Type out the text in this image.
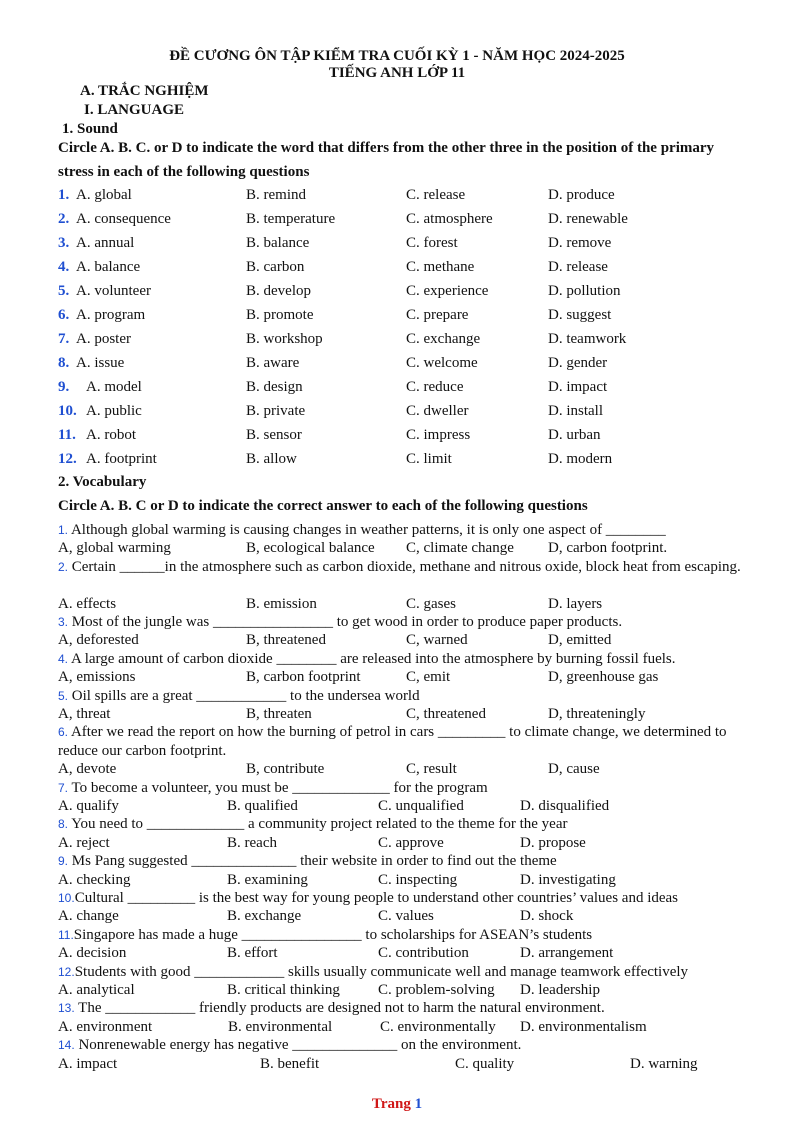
ĐỀ CƯƠNG ÔN TẬP KIỂM TRA CUỐI KỲ 1 - NĂM HỌC 2024-2025
TIẾNG ANH LỚP 11
A. TRẮC NGHIỆM
I. LANGUAGE
1. Sound
Circle A. B. C. or D to indicate the word that differs from the other three in the position of the primary stress in each of the following questions
1. A. global	B. remind	C. release	D. produce
2. A. consequence	B. temperature	C. atmosphere	D. renewable
3. A. annual	B. balance	C. forest	D. remove
4. A. balance	B. carbon	C. methane	D. release
5. A. volunteer	B. develop	C. experience	D. pollution
6. A. program	B. promote	C. prepare	D. suggest
7. A. poster	B. workshop	C. exchange	D. teamwork
8. A. issue	B. aware	C. welcome	D. gender
9. A. model	B. design	C. reduce	D. impact
10. A. public	B. private	C. dweller	D. install
11. A. robot	B. sensor	C. impress	D. urban
12. A. footprint	B. allow	C. limit	D. modern
2. Vocabulary
Circle A. B. C or D to indicate the correct answer to each of the following questions
1. Although global warming is causing changes in weather patterns, it is only one aspect of ________
A, global warming	B, ecological balance C, climate change D, carbon footprint.
2. Certain ______in the atmosphere such as carbon dioxide, methane and nitrous oxide, block heat from escaping.
A. effects	B. emission	C. gases	D. layers
3. Most of the jungle was ________________ to get wood in order to produce paper products.
A, deforested	B, threatened	C, warned	D, emitted
4. A large amount of carbon dioxide ________ are released into the atmosphere by burning fossil fuels.
A, emissions	B, carbon footprint	C, emit	D, greenhouse gas
5. Oil spills are a great ____________ to the undersea world
A, threat	B, threaten	C, threatened	D, threateningly
6. After we read the report on how the burning of petrol in cars _________ to climate change, we determined to reduce our carbon footprint.
A, devote	B, contribute	C, result	D, cause
7. To become a volunteer, you must be _____________ for the program
A. qualify	B. qualified	C. unqualified	D. disqualified
8. You need to _____________ a community project related to the theme for the year
A. reject	B. reach	C. approve	D. propose
9. Ms Pang suggested ______________ their website in order to find out the theme
A. checking	B. examining	C. inspecting	D. investigating
10.Cultural _________ is the best way for young people to understand other countries’ values and ideas
A. change	B. exchange	C. values	D. shock
11.Singapore has made a huge ________________ to scholarships for ASEAN’s students
A. decision	B. effort	C. contribution	D. arrangement
12.Students with good ____________ skills usually communicate well and manage teamwork effectively
A. analytical	B. critical thinking	C. problem-solving D. leadership
13. The ____________ friendly products are designed not to harm the natural environment.
A. environment	B. environmental	C. environmentally D. environmentalism
14. Nonrenewable energy has negative ______________ on the environment.
A. impact	B. benefit	C. quality	D. warning
Trang 1
